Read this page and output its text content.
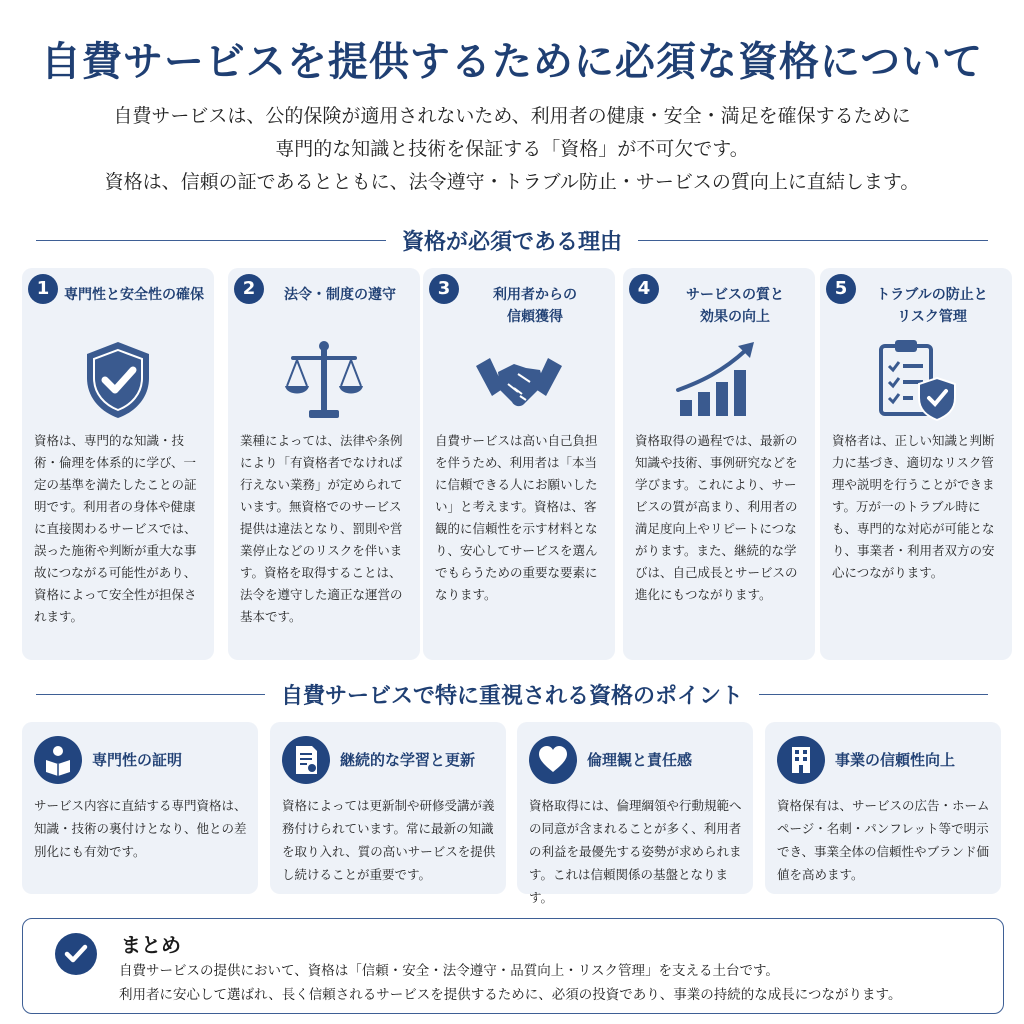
自費サービスを提供するために必須な資格について

自費サービスは、公的保険が適用されないため、利用者の健康・安全・満足を確保するために

専門的な知識と技術を保証する「資格」が不可欠です。

資格は、信頼の証であるとともに、法令遵守・トラブル防止・サービスの質向上に直結します。

資格が必須である理由
1	専門性と安全性の確保
資格は、専門的な知識・技術・倫理を体系的に学び、一定の基準を満たしたことの証明です。利用者の身体や健康に直接関わるサービスでは、誤った施術や判断が重大な事故につながる可能性があり、資格によって安全性が担保されます。
2	法令・制度の遵守
業種によっては、法律や条例により「有資格者でなければ行えない業務」が定められています。無資格でのサービス提供は違法となり、罰則や営業停止などのリスクを伴います。資格を取得することは、法令を遵守した適正な運営の基本です。
3	利用者からの
信頼獲得
自費サービスは高い自己負担を伴うため、利用者は「本当に信頼できる人にお願いしたい」と考えます。資格は、客観的に信頼性を示す材料となり、安心してサービスを選んでもらうための重要な要素になります。
4	サービスの質と
効果の向上
資格取得の過程では、最新の知識や技術、事例研究などを学びます。これにより、サービスの質が高まり、利用者の満足度向上やリピートにつながります。また、継続的な学びは、自己成長とサービスの進化にもつながります。
5	トラブルの防止と
リスク管理
資格者は、正しい知識と判断力に基づき、適切なリスク管理や説明を行うことができます。万が一のトラブル時にも、専門的な対応が可能となり、事業者・利用者双方の安心につながります。
自費サービスで特に重視される資格のポイント
専門性の証明
サービス内容に直結する専門資格は、知識・技術の裏付けとなり、他との差別化にも有効です。
継続的な学習と更新
資格によっては更新制や研修受講が義務付けられています。常に最新の知識を取り入れ、質の高いサービスを提供し続けることが重要です。
倫理観と責任感
資格取得には、倫理綱領や行動規範への同意が含まれることが多く、利用者の利益を最優先する姿勢が求められます。これは信頼関係の基盤となります。
事業の信頼性向上
資格保有は、サービスの広告・ホームページ・名刺・パンフレット等で明示でき、事業全体の信頼性やブランド価値を高めます。
まとめ
自費サービスの提供において、資格は「信頼・安全・法令遵守・品質向上・リスク管理」を支える土台です。
利用者に安心して選ばれ、長く信頼されるサービスを提供するために、必須の投資であり、事業の持続的な成長につながります。
